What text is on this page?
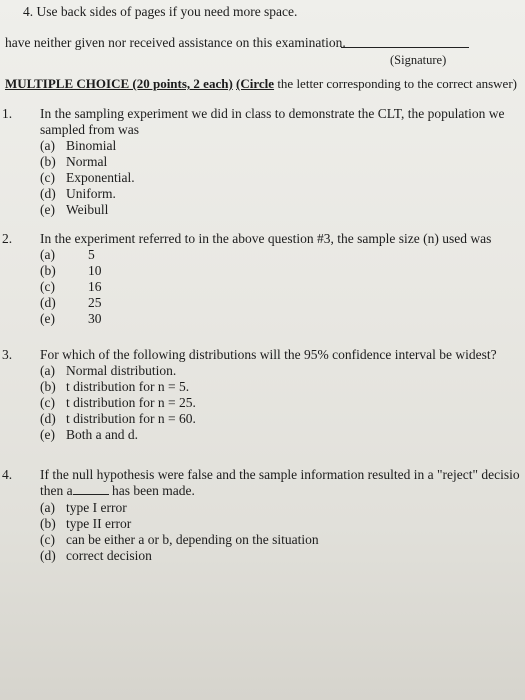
4. Use back sides of pages if you need more space.
have neither given nor received assistance on this examination.
(Signature)
MULTIPLE CHOICE (20 points, 2 each) (Circle the letter corresponding to the correct answer)
1. In the sampling experiment we did in class to demonstrate the CLT, the population we
sampled from was
(a) Binomial
(b) Normal
(c) Exponential.
(d) Uniform.
(e) Weibull
2. In the experiment referred to in the above question #3, the sample size (n) used was
(a) 5
(b) 10
(c) 16
(d) 25
(e) 30
3. For which of the following distributions will the 95% confidence interval be widest?
(a) Normal distribution.
(b) t distribution for n = 5.
(c) t distribution for n = 25.
(d) t distribution for n = 60.
(e) Both a and d.
4. If the null hypothesis were false and the sample information resulted in a "reject" decisio
then a	has been made.
(a) type I error
(b) type II error
(c) can be either a or b, depending on the situation
(d) correct decision
